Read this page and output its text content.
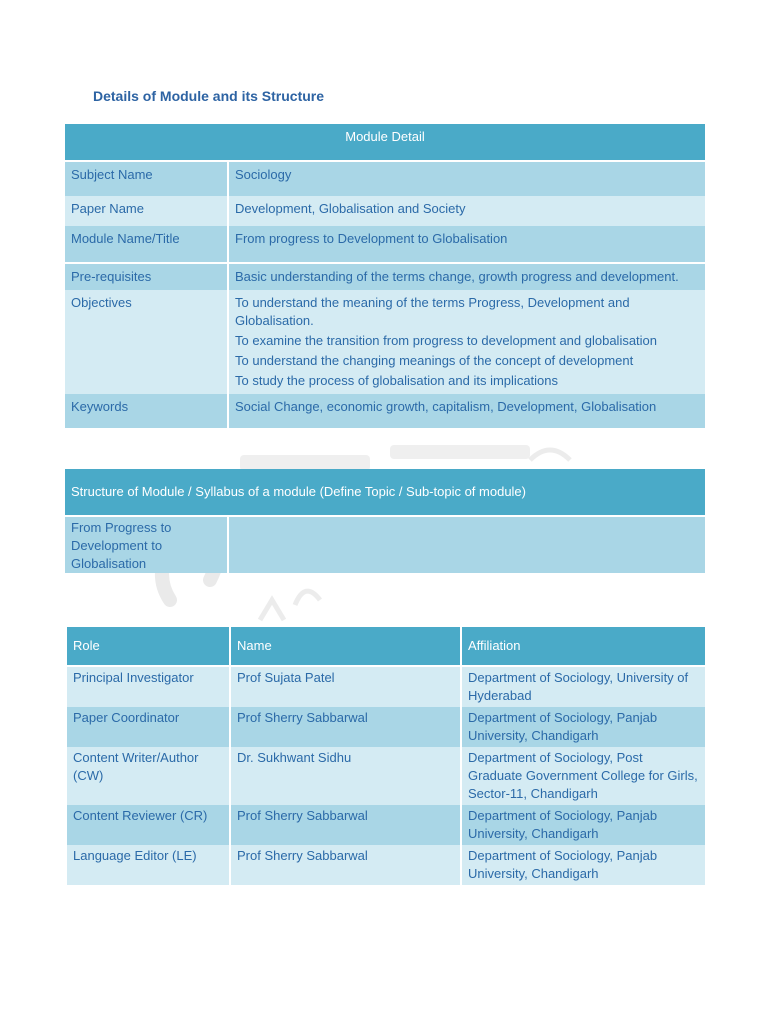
Details of Module and its Structure
Module Detail	
Subject Name	Sociology
Paper Name	Development, Globalisation and Society
Module Name/Title	From progress to Development to Globalisation
Pre-requisites	Basic understanding of the terms change, growth progress and development.
Objectives	To understand the meaning of the terms Progress, Development and Globalisation.
To examine the transition from progress to development and globalisation
To understand the changing meanings of the concept of development
To study the process of globalisation and its implications

Keywords	Social Change, economic growth, capitalism, Development, Globalisation
Structure of Module / Syllabus of a module (Define Topic / Sub-topic of module)
From Progress to Development to Globalisation	
Role	Name	Affiliation
Principal Investigator	Prof Sujata Patel	Department of Sociology, University of Hyderabad
Paper Coordinator	Prof Sherry Sabbarwal	Department of Sociology, Panjab University, Chandigarh
Content Writer/Author (CW)	Dr. Sukhwant Sidhu	Department of Sociology, Post Graduate Government College for Girls, Sector-11, Chandigarh
Content Reviewer (CR)	Prof Sherry Sabbarwal	Department of Sociology, Panjab University, Chandigarh
Language Editor (LE)	Prof Sherry Sabbarwal	Department of Sociology, Panjab University, Chandigarh
